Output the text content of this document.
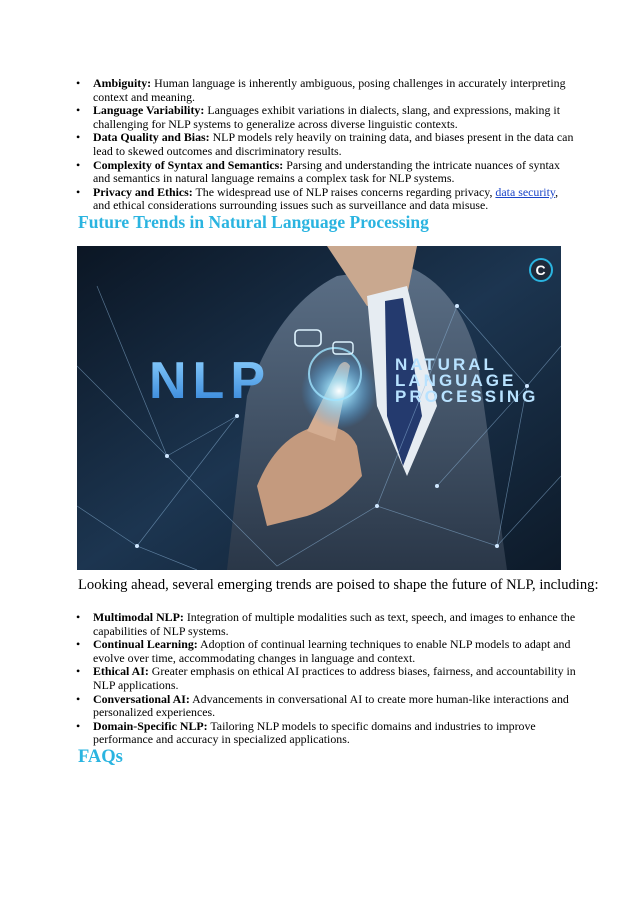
• Ambiguity: Human language is inherently ambiguous, posing challenges in accurately interpreting context and meaning.
• Language Variability: Languages exhibit variations in dialects, slang, and expressions, making it challenging for NLP systems to generalize across diverse linguistic contexts.
• Data Quality and Bias: NLP models rely heavily on training data, and biases present in the data can lead to skewed outcomes and discriminatory results.
• Complexity of Syntax and Semantics: Parsing and understanding the intricate nuances of syntax and semantics in natural language remains a complex task for NLP systems.
• Privacy and Ethics: The widespread use of NLP raises concerns regarding privacy, data security, and ethical considerations surrounding issues such as surveillance and data misuse.
Future Trends in Natural Language Processing
NLP	NATURAL
LANGUAGE
PROCESSING
C

Looking ahead, several emerging trends are poised to shape the future of NLP, including:

• Multimodal NLP: Integration of multiple modalities such as text, speech, and images to enhance the capabilities of NLP systems.
• Continual Learning: Adoption of continual learning techniques to enable NLP models to adapt and evolve over time, accommodating changes in language and context.
• Ethical AI: Greater emphasis on ethical AI practices to address biases, fairness, and accountability in NLP applications.
• Conversational AI: Advancements in conversational AI to create more human-like interactions and personalized experiences.
• Domain-Specific NLP: Tailoring NLP models to specific domains and industries to improve performance and accuracy in specialized applications.
FAQs
